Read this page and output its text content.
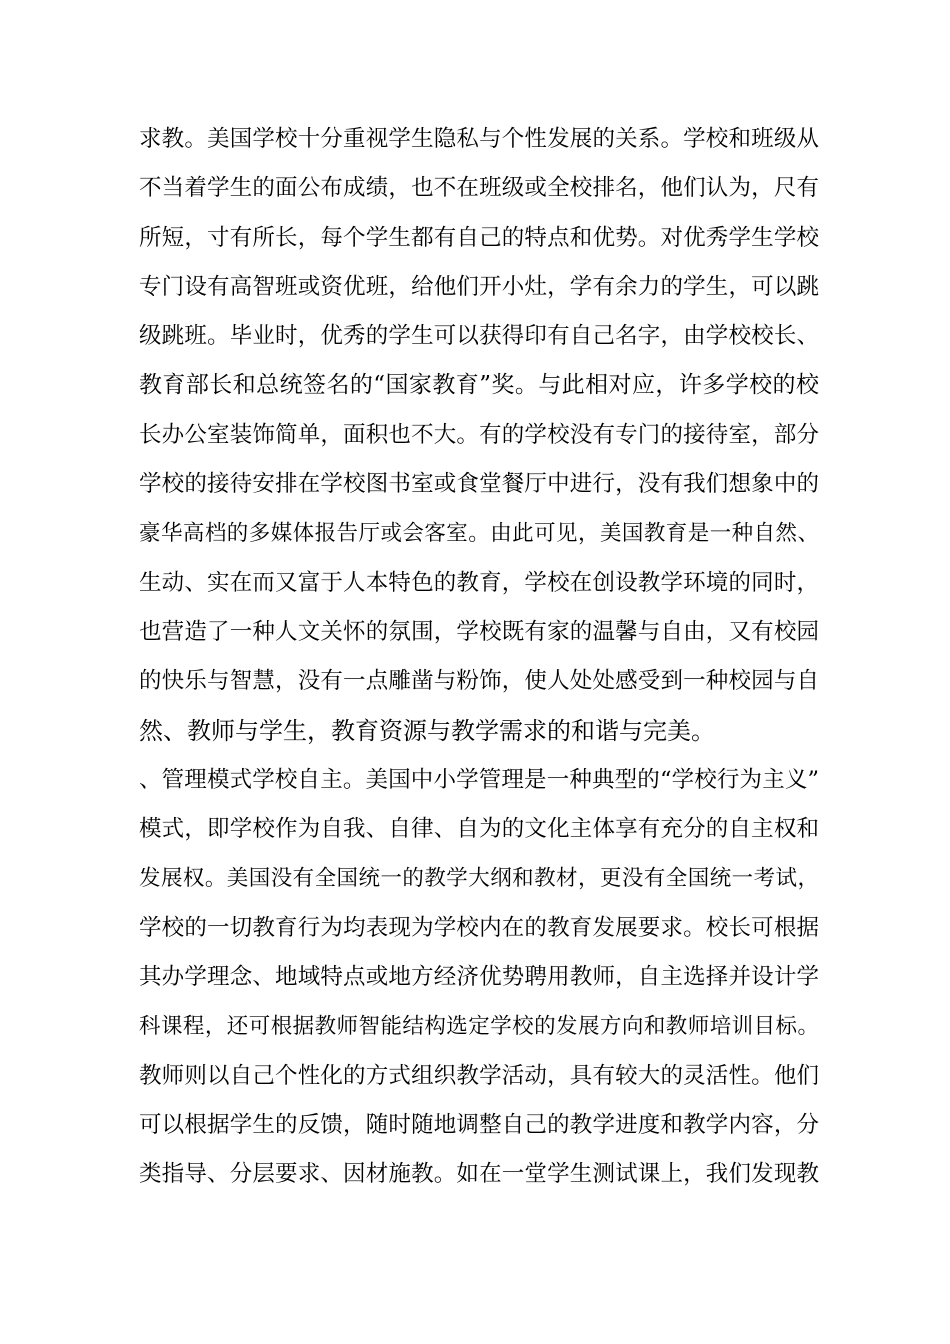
求教。美国学校十分重视学生隐私与个性发展的关系。学校和班级从
不当着学生的面公布成绩，也不在班级或全校排名，他们认为，尺有
所短，寸有所长，每个学生都有自己的特点和优势。对优秀学生学校
专门设有高智班或资优班，给他们开小灶，学有余力的学生，可以跳
级跳班。毕业时，优秀的学生可以获得印有自己名字，由学校校长、
教育部长和总统签名的“国家教育”奖。与此相对应，许多学校的校
长办公室装饰简单，面积也不大。有的学校没有专门的接待室，部分
学校的接待安排在学校图书室或食堂餐厅中进行，没有我们想象中的
豪华高档的多媒体报告厅或会客室。由此可见，美国教育是一种自然、
生动、实在而又富于人本特色的教育，学校在创设教学环境的同时，
也营造了一种人文关怀的氛围，学校既有家的温馨与自由，又有校园
的快乐与智慧，没有一点雕凿与粉饰，使人处处感受到一种校园与自
然、教师与学生，教育资源与教学需求的和谐与完美。
、管理模式学校自主。美国中小学管理是一种典型的“学校行为主义”
模式，即学校作为自我、自律、自为的文化主体享有充分的自主权和
发展权。美国没有全国统一的教学大纲和教材，更没有全国统一考试，
学校的一切教育行为均表现为学校内在的教育发展要求。校长可根据
其办学理念、地域特点或地方经济优势聘用教师，自主选择并设计学
科课程，还可根据教师智能结构选定学校的发展方向和教师培训目标。
教师则以自己个性化的方式组织教学活动，具有较大的灵活性。他们
可以根据学生的反馈，随时随地调整自己的教学进度和教学内容，分
类指导、分层要求、因材施教。如在一堂学生测试课上，我们发现教
